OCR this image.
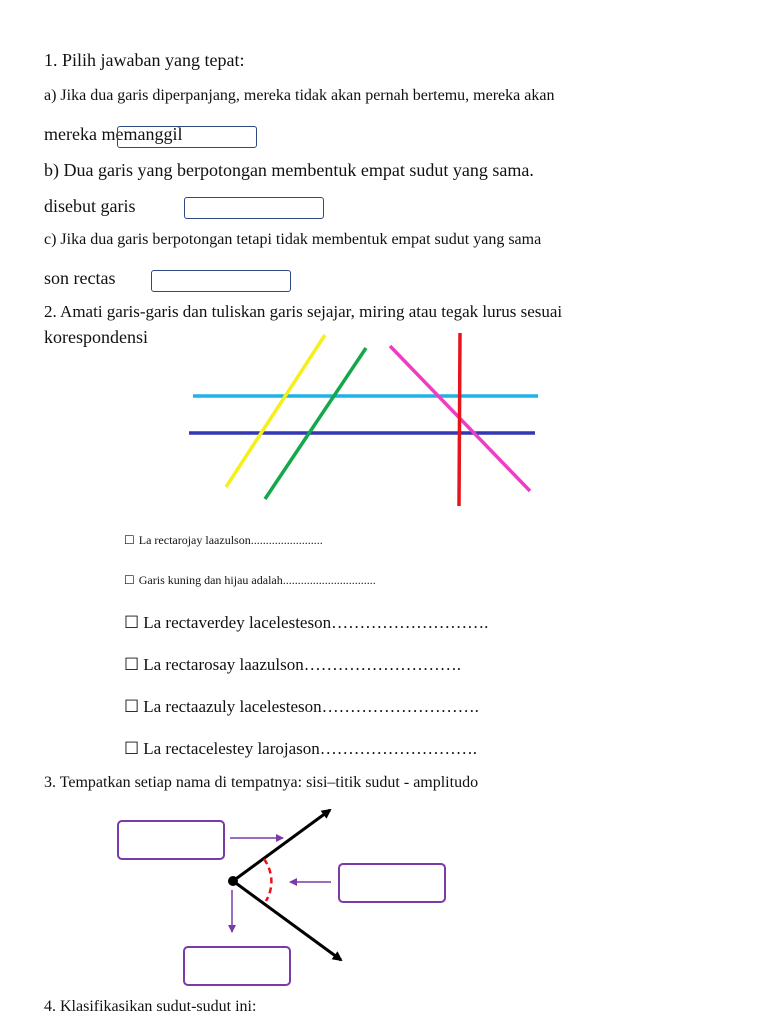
1. Pilih jawaban yang tepat:
a) Jika dua garis diperpanjang, mereka tidak akan pernah bertemu, mereka akan
mereka memanggil
b) Dua garis yang berpotongan membentuk empat sudut yang sama.
disebut garis
c) Jika dua garis berpotongan tetapi tidak membentuk empat sudut yang sama
son rectas
2. Amati garis-garis dan tuliskan garis sejajar, miring atau tegak lurus sesuai
korespondensi
☐ La rectarojay laazulson........................
☐ Garis kuning dan hijau adalah...............................
☐ La rectaverdey lacelesteson……………………….
☐ La rectarosay laazulson……………………….
☐ La rectaazuly lacelesteson……………………….
☐ La rectacelestey larojason……………………….
3. Tempatkan setiap nama di tempatnya: sisi–titik sudut - amplitudo
4. Klasifikasikan sudut-sudut ini:
